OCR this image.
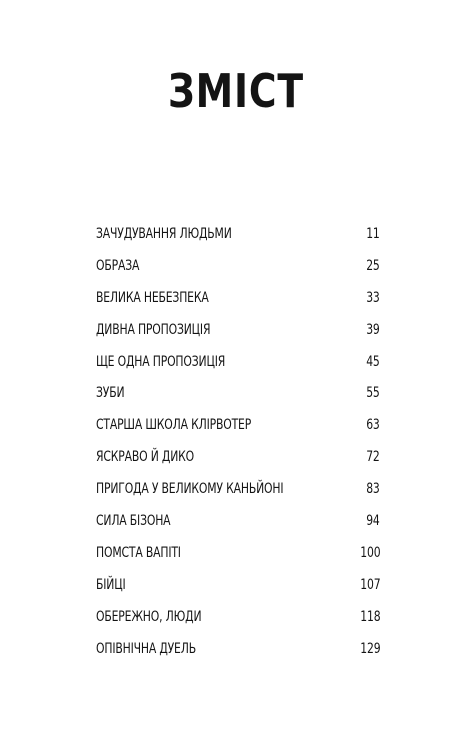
ЗМІСТ
ЗАЧУДУВАННЯ ЛЮДЬМИ	11
ОБРАЗА	25
ВЕЛИКА НЕБЕЗПЕКА	33
ДИВНА ПРОПОЗИЦІЯ	39
ЩЕ ОДНА ПРОПОЗИЦІЯ	45
ЗУБИ	55
СТАРША ШКОЛА КЛІРВОТЕР	63
ЯСКРАВО Й ДИКО	72
ПРИГОДА У ВЕЛИКОМУ КАНЬЙОНІ	83
СИЛА БІЗОНА	94
ПОМСТА ВАПІТІ	100
БІЙЦІ	107
ОБЕРЕЖНО, ЛЮДИ	118
ОПІВНІЧНА ДУЕЛЬ	129
